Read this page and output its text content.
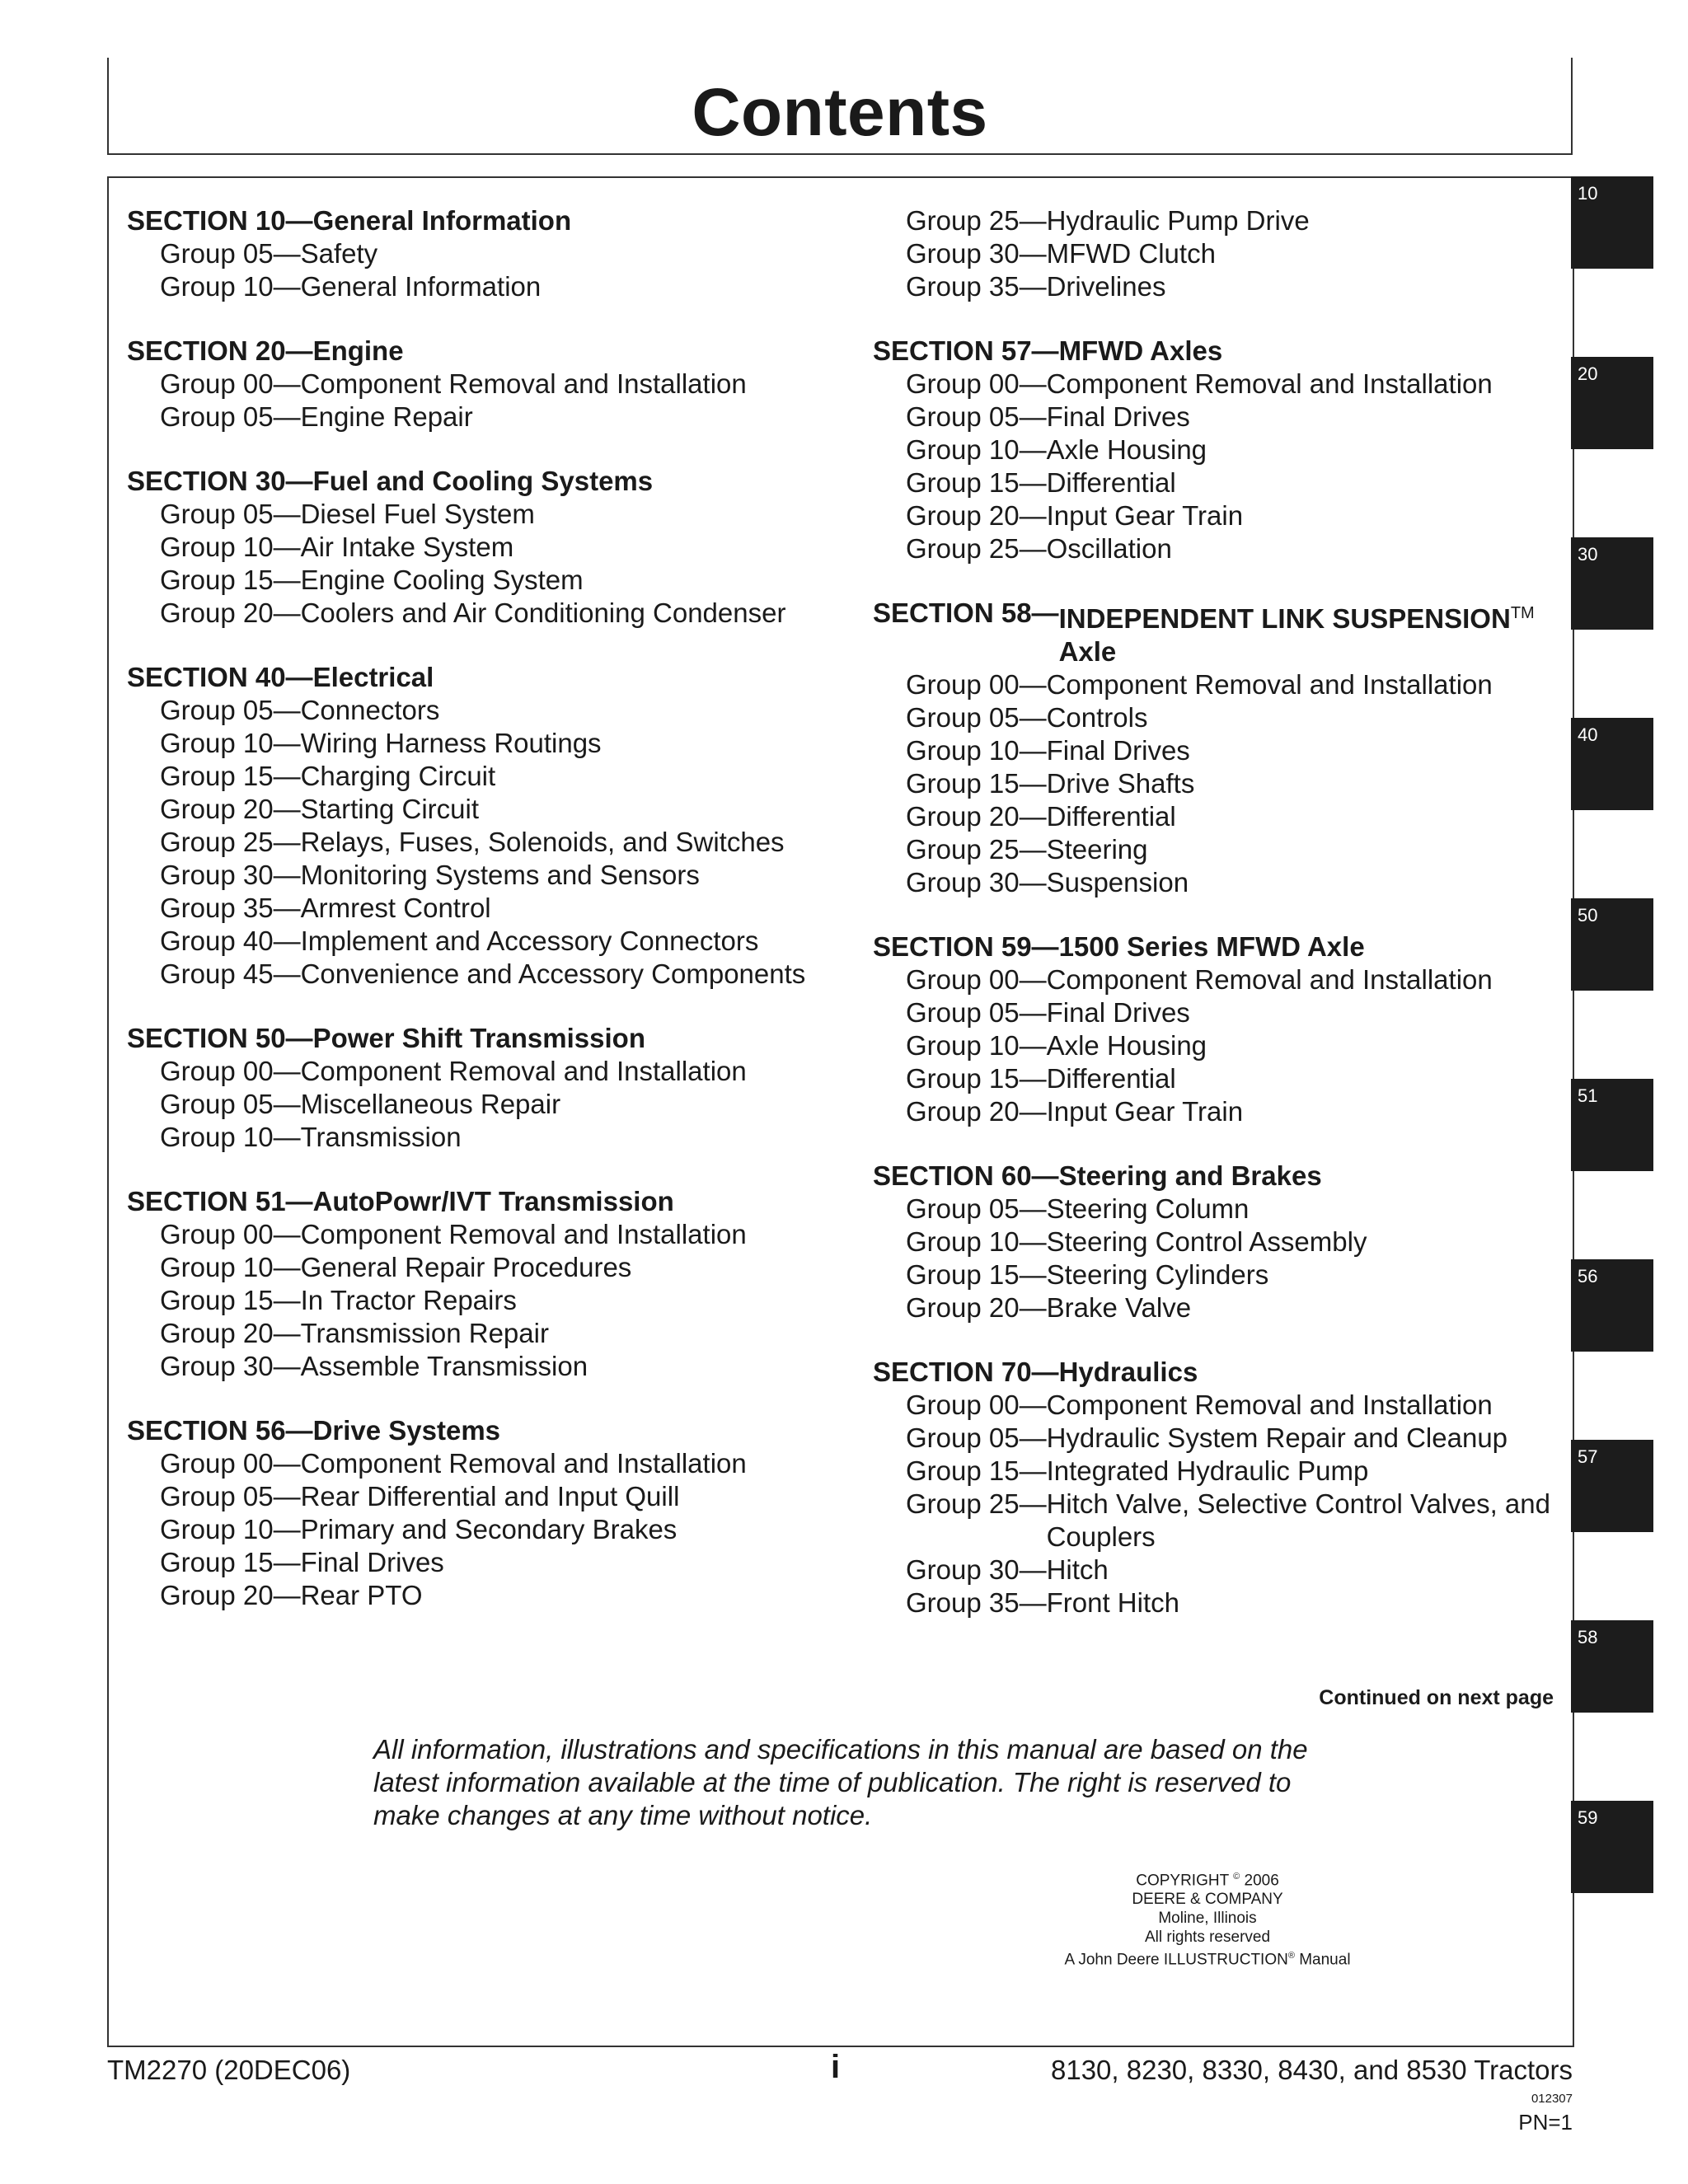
Contents
SECTION 10— General Information
Group 05— Safety
Group 10— General Information
SECTION 20— Engine
Group 00— Component Removal and Installation
Group 05— Engine Repair
SECTION 30— Fuel and Cooling Systems
Group 05— Diesel Fuel System
Group 10— Air Intake System
Group 15— Engine Cooling System
Group 20— Coolers and Air Conditioning Condenser
SECTION 40— Electrical
Group 05— Connectors
Group 10— Wiring Harness Routings
Group 15— Charging Circuit
Group 20— Starting Circuit
Group 25— Relays, Fuses, Solenoids, and Switches
Group 30— Monitoring Systems and Sensors
Group 35— Armrest Control
Group 40— Implement and Accessory Connectors
Group 45— Convenience and Accessory Components
SECTION 50— Power Shift Transmission
Group 00— Component Removal and Installation
Group 05— Miscellaneous Repair
Group 10— Transmission
SECTION 51— AutoPowr/IVT Transmission
Group 00— Component Removal and Installation
Group 10— General Repair Procedures
Group 15— In Tractor Repairs
Group 20— Transmission Repair
Group 30— Assemble Transmission
SECTION 56— Drive Systems
Group 00— Component Removal and Installation
Group 05— Rear Differential and Input Quill
Group 10— Primary and Secondary Brakes
Group 15— Final Drives
Group 20— Rear PTO
Group 25— Hydraulic Pump Drive
Group 30— MFWD Clutch
Group 35— Drivelines
SECTION 57— MFWD Axles
Group 00— Component Removal and Installation
Group 05— Final Drives
Group 10— Axle Housing
Group 15— Differential
Group 20— Input Gear Train
Group 25— Oscillation
SECTION 58— INDEPENDENT LINK SUSPENSION™
Axle
Group 00— Component Removal and Installation
Group 05— Controls
Group 10— Final Drives
Group 15— Drive Shafts
Group 20— Differential
Group 25— Steering
Group 30— Suspension
SECTION 59— 1500 Series MFWD Axle
Group 00— Component Removal and Installation
Group 05— Final Drives
Group 10— Axle Housing
Group 15— Differential
Group 20— Input Gear Train
SECTION 60— Steering and Brakes
Group 05— Steering Column
Group 10— Steering Control Assembly
Group 15— Steering Cylinders
Group 20— Brake Valve
SECTION 70— Hydraulics
Group 00— Component Removal and Installation
Group 05— Hydraulic System Repair and Cleanup
Group 15— Integrated Hydraulic Pump
Group 25— Hitch Valve, Selective Control Valves, and Couplers
Group 30— Hitch
Group 35— Front Hitch
Continued on next page
All information, illustrations and specifications in this manual are based on the latest information available at the time of publication. The right is reserved to make changes at any time without notice.
COPYRIGHT © 2006
DEERE & COMPANY
Moline, Illinois
All rights reserved
A John Deere ILLUSTRUCTION® Manual
10
20
30
40
50
51
56
57
58
59
TM2270 (20DEC06)	i	8130, 8230, 8330, 8430, and 8530 Tractors
012307
PN=1
